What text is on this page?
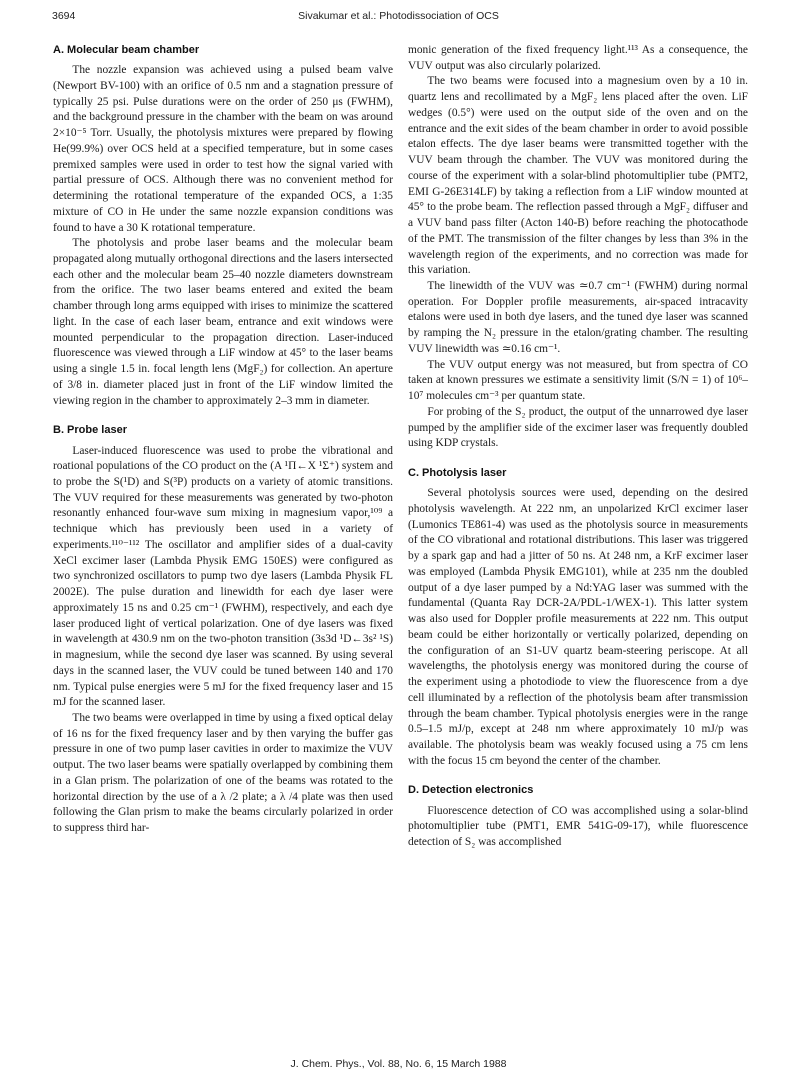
3694	Sivakumar et al.: Photodissociation of OCS
A. Molecular beam chamber

The nozzle expansion was achieved using a pulsed beam valve (Newport BV-100) with an orifice of 0.5 nm and a stagnation pressure of typically 25 psi. Pulse durations were on the order of 250 μs (FWHM), and the background pressure in the chamber with the beam on was around 2×10⁻⁵ Torr. Usually, the photolysis mixtures were prepared by flowing He(99.9%) over OCS held at a specified temperature, but in some cases premixed samples were used in order to test how the signal varied with partial pressure of OCS. Although there was no convenient method for determining the rotational temperature of the expanded OCS, a 1:35 mixture of CO in He under the same nozzle expansion conditions was found to have a 30 K rotational temperature.

The photolysis and probe laser beams and the molecular beam propagated along mutually orthogonal directions and the lasers intersected each other and the molecular beam 25–40 nozzle diameters downstream from the orifice. The two laser beams entered and exited the beam chamber through long arms equipped with irises to minimize the scattered light. In the case of each laser beam, entrance and exit windows were mounted perpendicular to the propagation direction. Laser-induced fluorescence was viewed through a LiF window at 45° to the laser beams using a single 1.5 in. focal length lens (MgF₂) for collection. An aperture of 3/8 in. diameter placed just in front of the LiF window limited the viewing region in the chamber to approximately 2–3 mm in diameter.

B. Probe laser

Laser-induced fluorescence was used to probe the vibrational and roational populations of the CO product on the (A ¹Π←X ¹Σ⁺) system and to probe the S(¹D) and S(³P) products on a variety of atomic transitions. The VUV required for these measurements was generated by two-photon resonantly enhanced four-wave sum mixing in magnesium vapor,¹⁰⁹ a technique which has previously been used in a variety of experiments.¹¹⁰⁻¹¹² The oscillator and amplifier sides of a dual-cavity XeCl excimer laser (Lambda Physik EMG 150ES) were configured as two synchronized oscillators to pump two dye lasers (Lambda Physik FL 2002E). The pulse duration and linewidth for each dye laser were approximately 15 ns and 0.25 cm⁻¹ (FWHM), respectively, and each dye laser produced light of vertical polarization. One of dye lasers was fixed in wavelength at 430.9 nm on the two-photon transition (3s3d ¹D←3s² ¹S) in magnesium, while the second dye laser was scanned. By using several days in the scanned laser, the VUV could be tuned between 140 and 170 nm. Typical pulse energies were 5 mJ for the fixed frequency laser and 15 mJ for the scanned laser.

The two beams were overlapped in time by using a fixed optical delay of 16 ns for the fixed frequency laser and by then varying the buffer gas pressure in one of two pump laser cavities in order to maximize the VUV output. The two laser beams were spatially overlapped by combining them in a Glan prism. The polarization of one of the beams was rotated to the horizontal direction by the use of a λ /2 plate; a λ /4 plate was then used following the Glan prism to make the beams circularly polarized in order to suppress third har-

monic generation of the fixed frequency light.¹¹³ As a consequence, the VUV output was also circularly polarized.

The two beams were focused into a magnesium oven by a 10 in. quartz lens and recollimated by a MgF₂ lens placed after the oven. LiF wedges (0.5°) were used on the output side of the oven and on the entrance and the exit sides of the beam chamber in order to avoid possible etalon effects. The dye laser beams were transmitted together with the VUV beam through the chamber. The VUV was monitored during the course of the experiment with a solar-blind photomultiplier tube (PMT2, EMI G-26E314LF) by taking a reflection from a LiF window mounted at 45° to the probe beam. The reflection passed through a MgF₂ diffuser and a VUV band pass filter (Acton 140-B) before reaching the photocathode of the PMT. The transmission of the filter changes by less than 3% in the wavelength region of the experiments, and no correction was made for this variation.

The linewidth of the VUV was ≃0.7 cm⁻¹ (FWHM) during normal operation. For Doppler profile measurements, air-spaced intracavity etalons were used in both dye lasers, and the tuned dye laser was scanned by ramping the N₂ pressure in the etalon/grating chamber. The resulting VUV linewidth was ≃0.16 cm⁻¹.

The VUV output energy was not measured, but from spectra of CO taken at known pressures we estimate a sensitivity limit (S/N = 1) of 10⁶–10⁷ molecules cm⁻³ per quantum state.

For probing of the S₂ product, the output of the unnarrowed dye laser pumped by the amplifier side of the excimer laser was frequently doubled using KDP crystals.

C. Photolysis laser

Several photolysis sources were used, depending on the desired photolysis wavelength. At 222 nm, an unpolarized KrCl excimer laser (Lumonics TE861-4) was used as the photolysis source in measurements of the CO vibrational and rotational distributions. This laser was triggered by a spark gap and had a jitter of 50 ns. At 248 nm, a KrF excimer laser was employed (Lambda Physik EMG101), while at 235 nm the doubled output of a dye laser pumped by a Nd:YAG laser was summed with the fundamental (Quanta Ray DCR-2A/PDL-1/WEX-1). This latter system was also used for Doppler profile measurements at 222 nm. This output beam could be either horizontally or vertically polarized, depending on the configuration of an S1-UV quartz beam-steering periscope. At all wavelengths, the photolysis energy was monitored during the course of the experiment using a photodiode to view the fluorescence from a dye cell illuminated by a reflection of the photolysis beam after transmission through the beam chamber. Typical photolysis energies were in the range 0.5–1.5 mJ/p, except at 248 nm where approximately 10 mJ/p was available. The photolysis beam was weakly focused using a 75 cm lens with the focus 15 cm beyond the center of the chamber.

D. Detection electronics

Fluorescence detection of CO was accomplished using a solar-blind photomultiplier tube (PMT1, EMR 541G-09-17), while fluorescence detection of S₂ was accomplished

J. Chem. Phys., Vol. 88, No. 6, 15 March 1988
